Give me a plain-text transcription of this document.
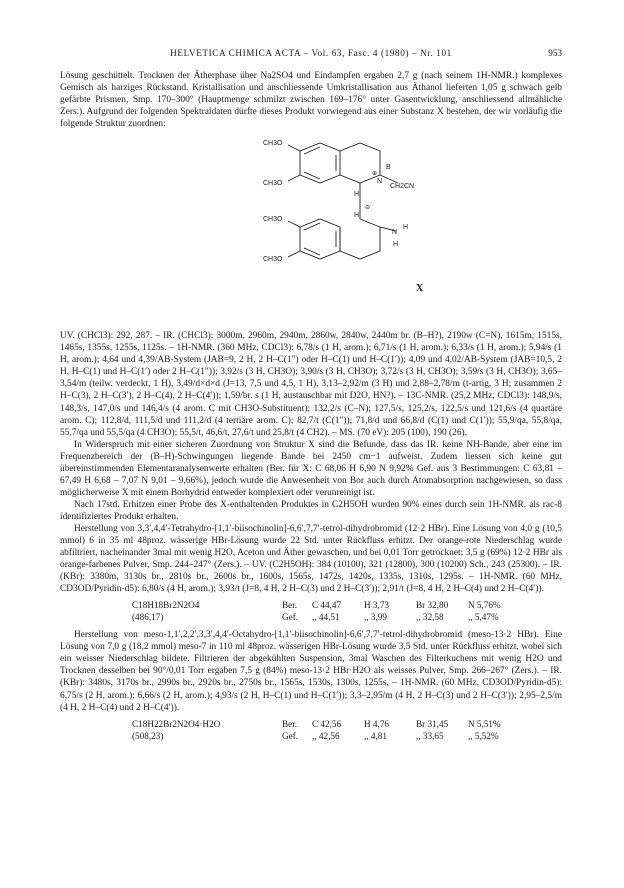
HELVETICA CHIMICA ACTA – Vol. 63, Fasc. 4 (1980) – Nr. 101	953

Lösung geschüttelt. Trocknen der Ätherphase über Na2SO4 und Eindampfen ergaben 2,7 g (nach seinem 1H-NMR.) komplexes Gemisch als harziges Rückstand. Kristallisation und anschliessende Umkristallisation aus Äthanol lieferten 1,05 g schwach gelb gefärbte Prismen, Smp. 170–300° (Hauptmenge schmilzt zwischen 169–176° unter Gasentwicklung, anschliessend allmähliche Zers.). Aufgrund der folgenden Spektraldaten dürfte dieses Produkt vorwiegend aus einer Substanz X bestehen, der wir vorläufig die folgende Struktur zuordnen:

CH3O
CH3O
CH3O
CH3O
H
N
CH2CN
N
H
H
H
B
⊕
⊖
X

UV. (CHCl3): 292, 287. – IR. (CHCl3): 3000m, 2960m, 2940m, 2860w, 2840w, 2440m br. (B–H?), 2190w (C=N), 1615m, 1515s, 1465s, 1355s, 1255s, 1125s. – 1H-NMR. (360 MHz, CDCl3): 6,78/s (1 H, arom.); 6,71/s (1 H, arom.); 6,33/s (1 H, arom.); 5,94/s (1 H, arom.); 4,64 und 4,39/AB-System (JAB=9, 2 H, 2 H–C(1″) oder H–C(1) und H–C(1′)); 4,09 und 4,02/AB-System (JAB=10,5, 2 H, H–C(1) und H–C(1′) oder 2 H–C(1″)); 3,92/s (3 H, CH3O); 3,90/s (3 H, CH3O); 3,72/s (3 H, CH3O); 3,59/s (3 H, CH3O); 3,65–3,54/m (teilw. verdeckt, 1 H), 3,49/d×d×d (J=13, 7,5 und 4,5, 1 H), 3,13–2,92/m (3 H) und 2,88–2,78/m (t-artig, 3 H; zusammen 2 H–C(3), 2 H–C(3′), 2 H–C(4), 2 H–C(4′)); 1,59/br. s (1 H, austauschbar mit D2O, HN?). – 13C-NMR. (25,2 MHz, CDCl3): 148,9/s, 148,3/s, 147,0/s und 146,4/s (4 arom. C mit CH3O-Substituent); 132,2/s (C–N); 127,5/s, 125,2/s, 122,5/s und 121,6/s (4 quartäre arom. C); 112,8/d, 111,5/d und 111,2/d (4 tertiäre arom. C); 82,7/t (C(1″)); 71,8/d und 66,8/d (C(1) und C(1′)); 55,9/qa, 55,8/qa, 55,7/qa und 55,5/qa (4 CH3O); 55,5/t, 46,6/t, 27,6/t und 25,8/t (4 CH2). – MS. (70 eV): 205 (100), 190 (26).

In Widerspruch mit einer sicheren Zuordnung von Struktur X sind die Befunde, dass das IR. keine NH-Bande, aber eine im Frequenzbereich der (B–H)-Schwingungen liegende Bande bei 2450 cm−1 aufweist. Zudem liessen sich keine gut übereinstimmenden Elementaranalysenwerte erhalten (Ber. für X: C 68,06 H 6,90 N 9,92% Gef. aus 3 Bestimmungen: C 63,81 – 67,49 H 6,68 – 7,07 N 9,01 – 9,66%), jedoch wurde die Anwesenheit von Bor auch durch Atomabsorption nachgewiesen, so dass möglicherweise X mit einem Borhydrid entweder komplexiert oder verunreinigt ist.

Nach 17std. Erhitzen einer Probe des X-enthaltenden Produktes in C2H5OH wurden 90% eines durch sein 1H-NMR. als rac-8 identifiziertes Produkt erhalten.

Herstellung von 3,3′,4,4′-Tetrahydro-[1,1′-biisochinolin]-6,6′,7,7′-tetrol-dihydrobromid (12·2 HBr). Eine Lösung von 4,0 g (10,5 mmol) 6 in 35 ml 48proz. wässerige HBr-Lösung wurde 22 Std. unter Rückfluss erhitzt. Der orange-rote Niederschlag wurde abfiltriert, nacheinander 3mal mit wenig H2O, Aceton und Äther gewaschen, und bei 0,01 Torr getrocknet: 3,5 g (69%) 12·2 HBr als orange-farbenes Pulver, Smp. 244–247° (Zers.). – UV. (C2H5OH): 384 (10100), 321 (12800), 300 (10200) Sch., 243 (25300). – IR. (KBr): 3380m, 3130s br., 2810s br., 2600s br., 1600s, 1565s, 1472s, 1420s, 1335s, 1310s, 1295s. – 1H-NMR. (60 MHz, CD3OD/Pyridin-d5): 6,80/s (4 H, arom.); 3,93/t (J=8, 4 H, 2 H–C(3) und 2 H–C(3′)); 2,91/t (J=8, 4 H, 2 H–C(4) und 2 H–C(4′)).

C18H18Br2N2O4	Ber.	C 44,47	H 3,73	Br 32,80	N 5,76%
(486,17)	Gef.	,, 44,51	,, 3,99	,, 32,58	,, 5,47%

Herstellung von meso-1,1′,2,2′,3,3′,4,4′-Octahydro-[1,1′-biisochinolin]-6,6′,7,7′-tetrol-dihydrobromid (meso-13·2 HBr). Eine Lösung von 7,0 g (18,2 mmol) meso-7 in 110 ml 48proz. wässerigen HBr-Lösung wurde 3,5 Std. unter Rückfluss erhitzt, wobei sich ein weisser Niederschlag bildete. Filtrieren der abgekühlten Suspension, 3mal Waschen des Filterkuchens mit wenig H2O und Trocknen desselben bei 90°/0,01 Torr ergaben 7,5 g (84%) meso-13·2 HBr·H2O als weisses Pulver, Smp. 266–267° (Zers.). – IR. (KBr): 3480s, 3170s br., 2990s br., 2920s br., 2750s br., 1565s, 1530s, 1300s, 1255s, – 1H-NMR. (60 MHz, CD3OD/Pyridin-d5): 6,75/s (2 H, arom.); 6,66/s (2 H, arom.); 4,93/s (2 H, H–C(1) und H–C(1′)); 3,3–2,95/m (4 H, 2 H–C(3) und 2 H–C(3′)); 2,95–2,5/m (4 H, 2 H–C(4) und 2 H–C(4′)).

C18H22Br2N2O4·H2O	Ber.	C 42,56	H 4,76	Br 31,45	N 5,51%
(508,23)	Gef.	,, 42,56	,, 4,81	,, 33,65	,, 5,52%
